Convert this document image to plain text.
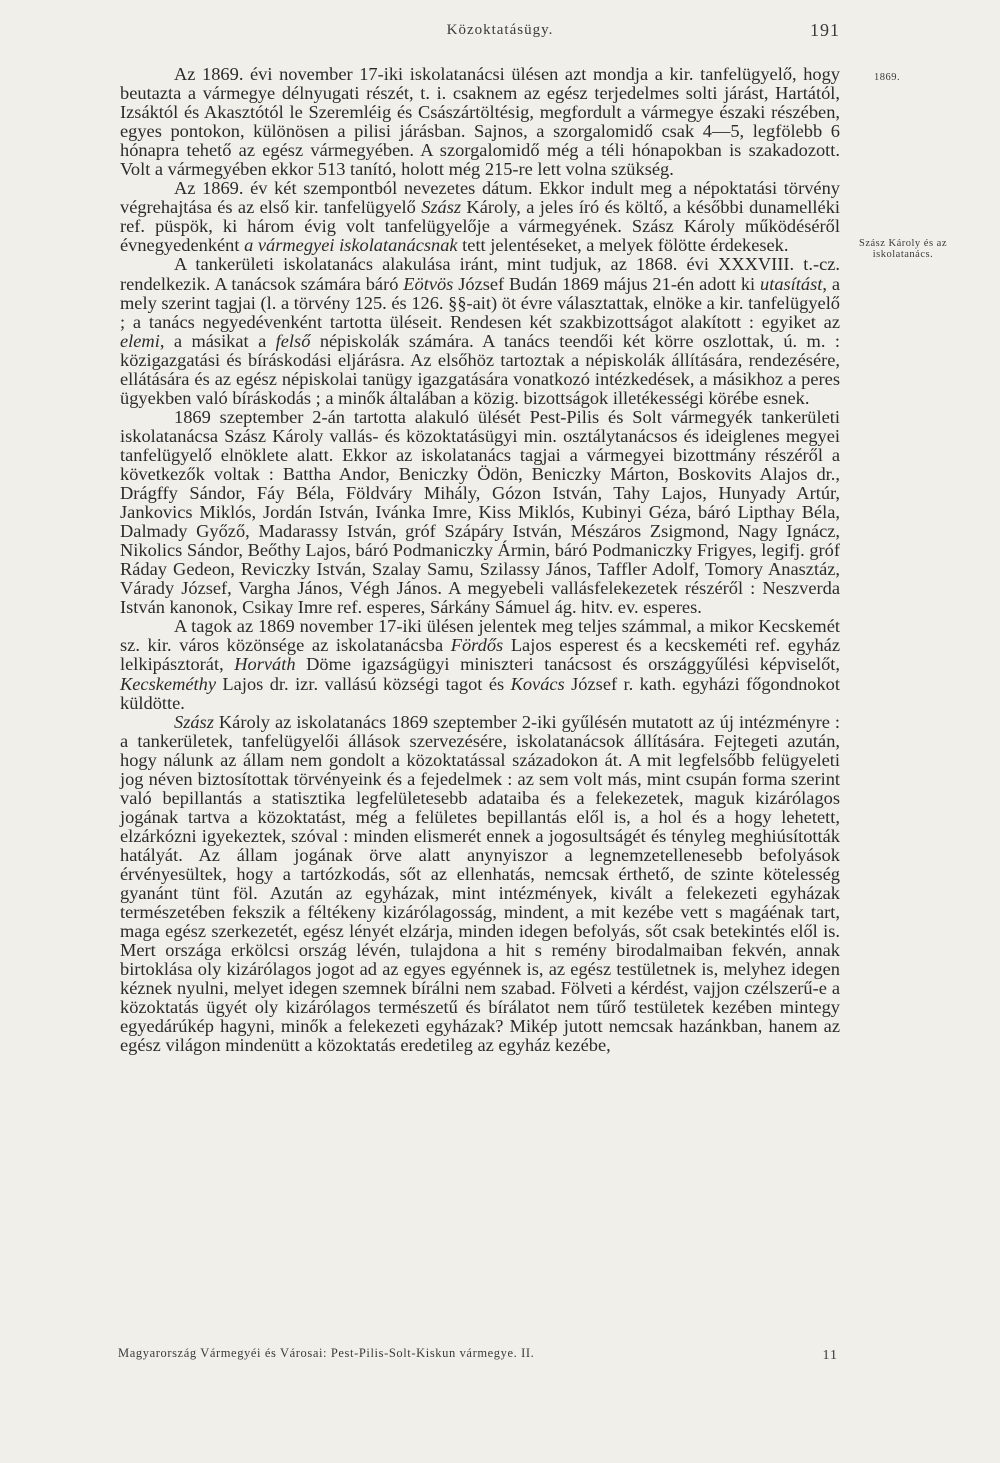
Közoktatásügy.	191
1869.
Szász Károly és az iskolatanács.

Az 1869. évi november 17-iki iskolatanácsi ülésen azt mondja a kir. tanfelügyelő, hogy beutazta a vármegye délnyugati részét, t. i. csaknem az egész terjedelmes solti járást, Hartától, Izsáktól és Akasztótól le Szeremléig és Császártöltésig, megfordult a vármegye északi részében, egyes pontokon, különösen a pilisi járásban. Sajnos, a szorgalomidő csak 4—5, legfölebb 6 hónapra tehető az egész vármegyében. A szorgalomidő még a téli hónapokban is szakadozott. Volt a vármegyében ekkor 513 tanító, holott még 215-re lett volna szükség.

Az 1869. év két szempontból nevezetes dátum. Ekkor indult meg a népoktatási törvény végrehajtása és az első kir. tanfelügyelő Szász Károly, a jeles író és költő, a későbbi dunamelléki ref. püspök, ki három évig volt tanfelügyelője a vármegyének. Szász Károly működéséről évnegyedenként a vármegyei iskolatanácsnak tett jelentéseket, a melyek fölötte érdekesek.

A tankerületi iskolatanács alakulása iránt, mint tudjuk, az 1868. évi XXXVIII. t.-cz. rendelkezik. A tanácsok számára báró Eötvös József Budán 1869 május 21-én adott ki utasítást, a mely szerint tagjai (l. a törvény 125. és 126. §§-ait) öt évre választattak, elnöke a kir. tanfelügyelő ; a tanács negyedévenként tartotta üléseit. Rendesen két szakbizottságot alakított : egyiket az elemi, a másikat a felső népiskolák számára. A tanács teendői két körre oszlottak, ú. m. : közigazgatási és bíráskodási eljárásra. Az elsőhöz tartoztak a népiskolák állítására, rendezésére, ellátására és az egész népiskolai tanügy igazgatására vonatkozó intézkedések, a másikhoz a peres ügyekben való bíráskodás ; a minők általában a közig. bizottságok illetékességi körébe esnek.

1869 szeptember 2-án tartotta alakuló ülését Pest-Pilis és Solt vármegyék tankerületi iskolatanácsa Szász Károly vallás- és közoktatásügyi min. osztálytanácsos és ideiglenes megyei tanfelügyelő elnöklete alatt. Ekkor az iskolatanács tagjai a vármegyei bizottmány részéről a következők voltak : Battha Andor, Beniczky Ödön, Beniczky Márton, Boskovits Alajos dr., Drágffy Sándor, Fáy Béla, Földváry Mihály, Gózon István, Tahy Lajos, Hunyady Artúr, Jankovics Miklós, Jordán István, Ivánka Imre, Kiss Miklós, Kubinyi Géza, báró Lipthay Béla, Dalmady Győző, Madarassy István, gróf Szápáry István, Mészáros Zsigmond, Nagy Ignácz, Nikolics Sándor, Beőthy Lajos, báró Podmaniczky Ármin, báró Podmaniczky Frigyes, legifj. gróf Ráday Gedeon, Reviczky István, Szalay Samu, Szilassy János, Taffler Adolf, Tomory Anasztáz, Várady József, Vargha János, Végh János. A megyebeli vallásfelekezetek részéről : Neszverda István kanonok, Csikay Imre ref. esperes, Sárkány Sámuel ág. hitv. ev. esperes.

A tagok az 1869 november 17-iki ülésen jelentek meg teljes számmal, a mikor Kecskemét sz. kir. város közönsége az iskolatanácsba Fördős Lajos esperest és a kecskeméti ref. egyház lelkipásztorát, Horváth Döme igazságügyi miniszteri tanácsost és országgyűlési képviselőt, Kecskeméthy Lajos dr. izr. vallású községi tagot és Kovács József r. kath. egyházi főgondnokot küldötte.

Szász Károly az iskolatanács 1869 szeptember 2-iki gyűlésén mutatott az új intézményre : a tankerületek, tanfelügyelői állások szervezésére, iskolatanácsok állítására. Fejtegeti azután, hogy nálunk az állam nem gondolt a közoktatással századokon át. A mit legfelsőbb felügyeleti jog néven biztosítottak törvényeink és a fejedelmek : az sem volt más, mint csupán forma szerint való bepillantás a statisztika legfelületesebb adataiba és a felekezetek, maguk kizárólagos jogának tartva a közoktatást, még a felületes bepillantás elől is, a hol és a hogy lehetett, elzárkózni igyekeztek, szóval : minden elismerét ennek a jogosultságét és tényleg meghiúsították hatályát. Az állam jogának örve alatt anynyiszor a legnemzetellenesebb befolyások érvényesültek, hogy a tartózkodás, sőt az ellenhatás, nemcsak érthető, de szinte kötelesség gyanánt tünt föl. Azután az egyházak, mint intézmények, kivált a felekezeti egyházak természetében fekszik a féltékeny kizárólagosság, mindent, a mit kezébe vett s magáénak tart, maga egész szerkezetét, egész lényét elzárja, minden idegen befolyás, sőt csak betekintés elől is. Mert országa erkölcsi ország lévén, tulajdona a hit s remény birodalmaiban fekvén, annak birtoklása oly kizárólagos jogot ad az egyes egyénnek is, az egész testületnek is, melyhez idegen kéznek nyulni, melyet idegen szemnek bírálni nem szabad. Fölveti a kérdést, vajjon czélszerű-e a közoktatás ügyét oly kizárólagos természetű és bírálatot nem tűrő testületek kezében mintegy egyedárúkép hagyni, minők a felekezeti egyházak? Mikép jutott nemcsak hazánkban, hanem az egész világon mindenütt a közoktatás eredetileg az egyház kezébe,

Magyarország Vármegyéi és Városai: Pest-Pilis-Solt-Kiskun vármegye. II.	11
